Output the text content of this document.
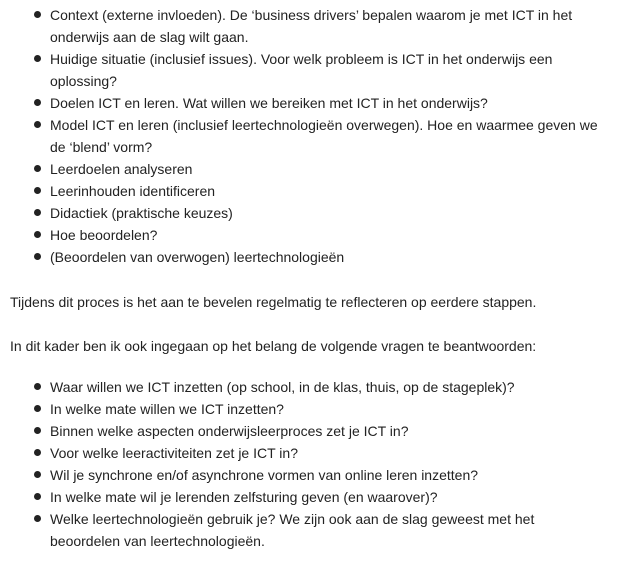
Context (externe invloeden). De ‘business drivers’ bepalen waarom je met ICT in het onderwijs aan de slag wilt gaan.
Huidige situatie (inclusief issues). Voor welk probleem is ICT in het onderwijs een oplossing?
Doelen ICT en leren. Wat willen we bereiken met ICT in het onderwijs?
Model ICT en leren (inclusief leertechnologieën overwegen). Hoe en waarmee geven we de ‘blend’ vorm?
Leerdoelen analyseren
Leerinhouden identificeren
Didactiek (praktische keuzes)
Hoe beoordelen?
(Beoordelen van overwogen) leertechnologieën

Tijdens dit proces is het aan te bevelen regelmatig te reflecteren op eerdere stappen.

In dit kader ben ik ook ingegaan op het belang de volgende vragen te beantwoorden:

Waar willen we ICT inzetten (op school, in de klas, thuis, op de stageplek)?
In welke mate willen we ICT inzetten?
Binnen welke aspecten onderwijsleerproces zet je ICT in?
Voor welke leeractiviteiten zet je ICT in?
Wil je synchrone en/of asynchrone vormen van online leren inzetten?
In welke mate wil je lerenden zelfsturing geven (en waarover)?
Welke leertechnologieën gebruik je? We zijn ook aan de slag geweest met het beoordelen van leertechnologieën.
